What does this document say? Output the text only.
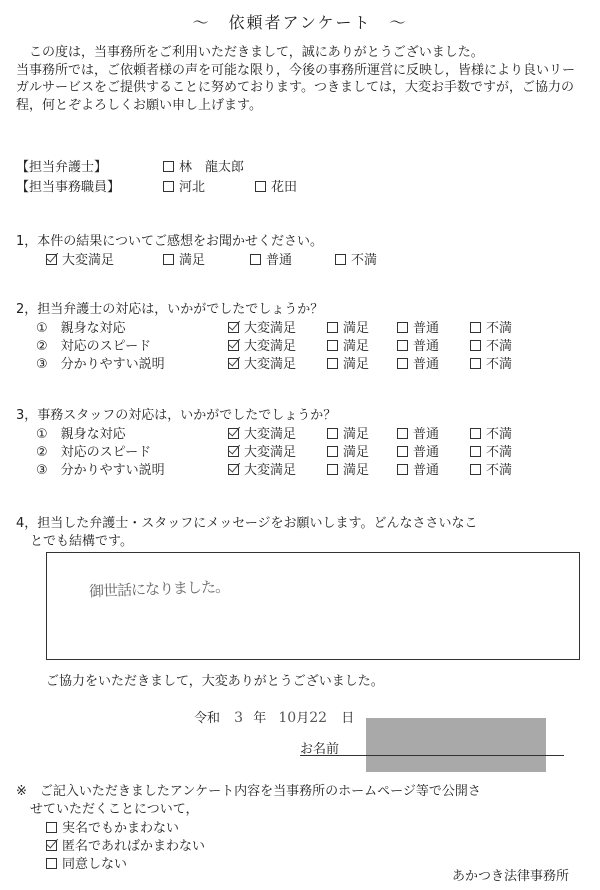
～　依頼者アンケート　～

この度は，当事務所をご利用いただきまして，誠にありがとうございました。

当事務所では，ご依頼者様の声を可能な限り，今後の事務所運営に反映し，皆様により良いリーガルサービスをご提供することに努めております。つきましては，大変お手数ですが，ご協力の程，何とぞよろしくお願い申し上げます。

【担当弁護士】	林　龍太郎
【担当事務職員】	河北	花田
1，本件の結果についてご感想をお聞かせください。
大変満足	満足	普通	不満
2，担当弁護士の対応は，いかがでしたでしょうか？
①　親身な対応	大変満足	満足	普通	不満
②　対応のスピード	大変満足	満足	普通	不満
③　分かりやすい説明	大変満足	満足	普通	不満
3，事務スタッフの対応は，いかがでしたでしょうか？
①　親身な対応	大変満足	満足	普通	不満
②　対応のスピード	大変満足	満足	普通	不満
③　分かりやすい説明	大変満足	満足	普通	不満
4，担当した弁護士・スタッフにメッセージをお願いします。どんなささいなこ
とでも結構です。
御世話になりました。
ご協力をいただきまして，大変ありがとうございました。
令和 3 年 10月22 日
お名前
※　ご記入いただきましたアンケート内容を当事務所のホームページ等で公開さ
せていただくことについて，
実名でもかまわない
匿名であればかまわない
同意しない
あかつき法律事務所
